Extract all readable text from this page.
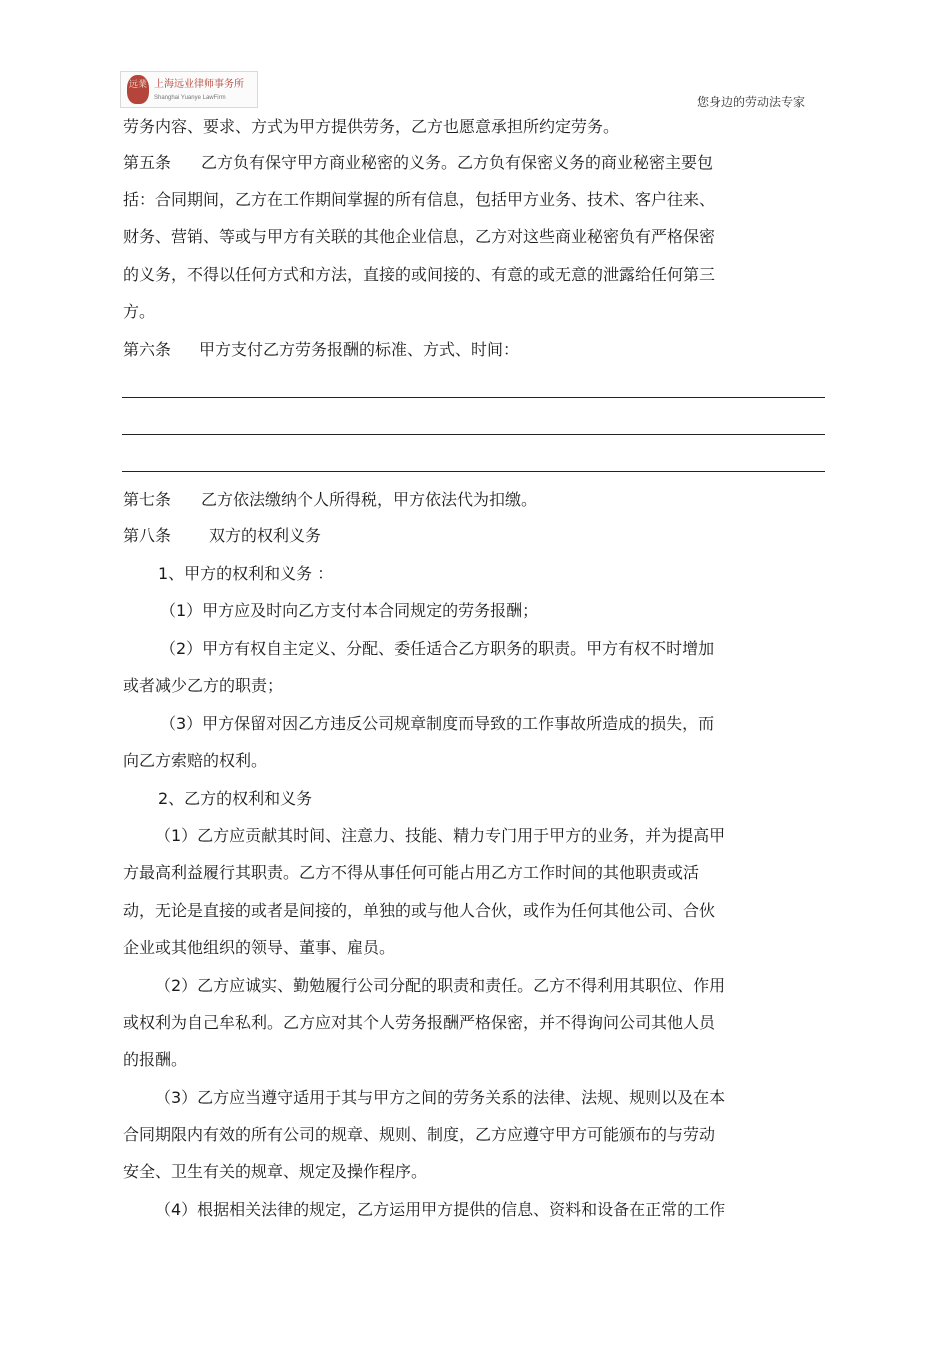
远業 上海远业律师事务所
Shanghai Yuanye LawFirm	您身边的劳动法专家
劳务内容、要求、方式为甲方提供劳务，乙方也愿意承担所约定劳务。
第五条 乙方负有保守甲方商业秘密的义务。乙方负有保密义务的商业秘密主要包
括：合同期间，乙方在工作期间掌握的所有信息，包括甲方业务、技术、客户往来、
财务、营销、等或与甲方有关联的其他企业信息，乙方对这些商业秘密负有严格保密
的义务，不得以任何方式和方法，直接的或间接的、有意的或无意的泄露给任何第三
方。
第六条 甲方支付乙方劳务报酬的标准、方式、时间：
第七条 乙方依法缴纳个人所得税，甲方依法代为扣缴。
第八条 双方的权利义务
1、甲方的权利和义务 ：
（1）甲方应及时向乙方支付本合同规定的劳务报酬；
（2）甲方有权自主定义、分配、委任适合乙方职务的职责。甲方有权不时增加
或者减少乙方的职责；
（3）甲方保留对因乙方违反公司规章制度而导致的工作事故所造成的损失，而
向乙方索赔的权利。
2、乙方的权利和义务
（1）乙方应贡献其时间、注意力、技能、精力专门用于甲方的业务，并为提高甲
方最高利益履行其职责。乙方不得从事任何可能占用乙方工作时间的其他职责或活
动，无论是直接的或者是间接的，单独的或与他人合伙，或作为任何其他公司、合伙
企业或其他组织的领导、董事、雇员。
（2）乙方应诚实、勤勉履行公司分配的职责和责任。乙方不得利用其职位、作用
或权利为自己牟私利。乙方应对其个人劳务报酬严格保密，并不得询问公司其他人员
的报酬。
（3）乙方应当遵守适用于其与甲方之间的劳务关系的法律、法规、规则以及在本
合同期限内有效的所有公司的规章、规则、制度，乙方应遵守甲方可能颁布的与劳动
安全、卫生有关的规章、规定及操作程序。
（4）根据相关法律的规定，乙方运用甲方提供的信息、资料和设备在正常的工作
